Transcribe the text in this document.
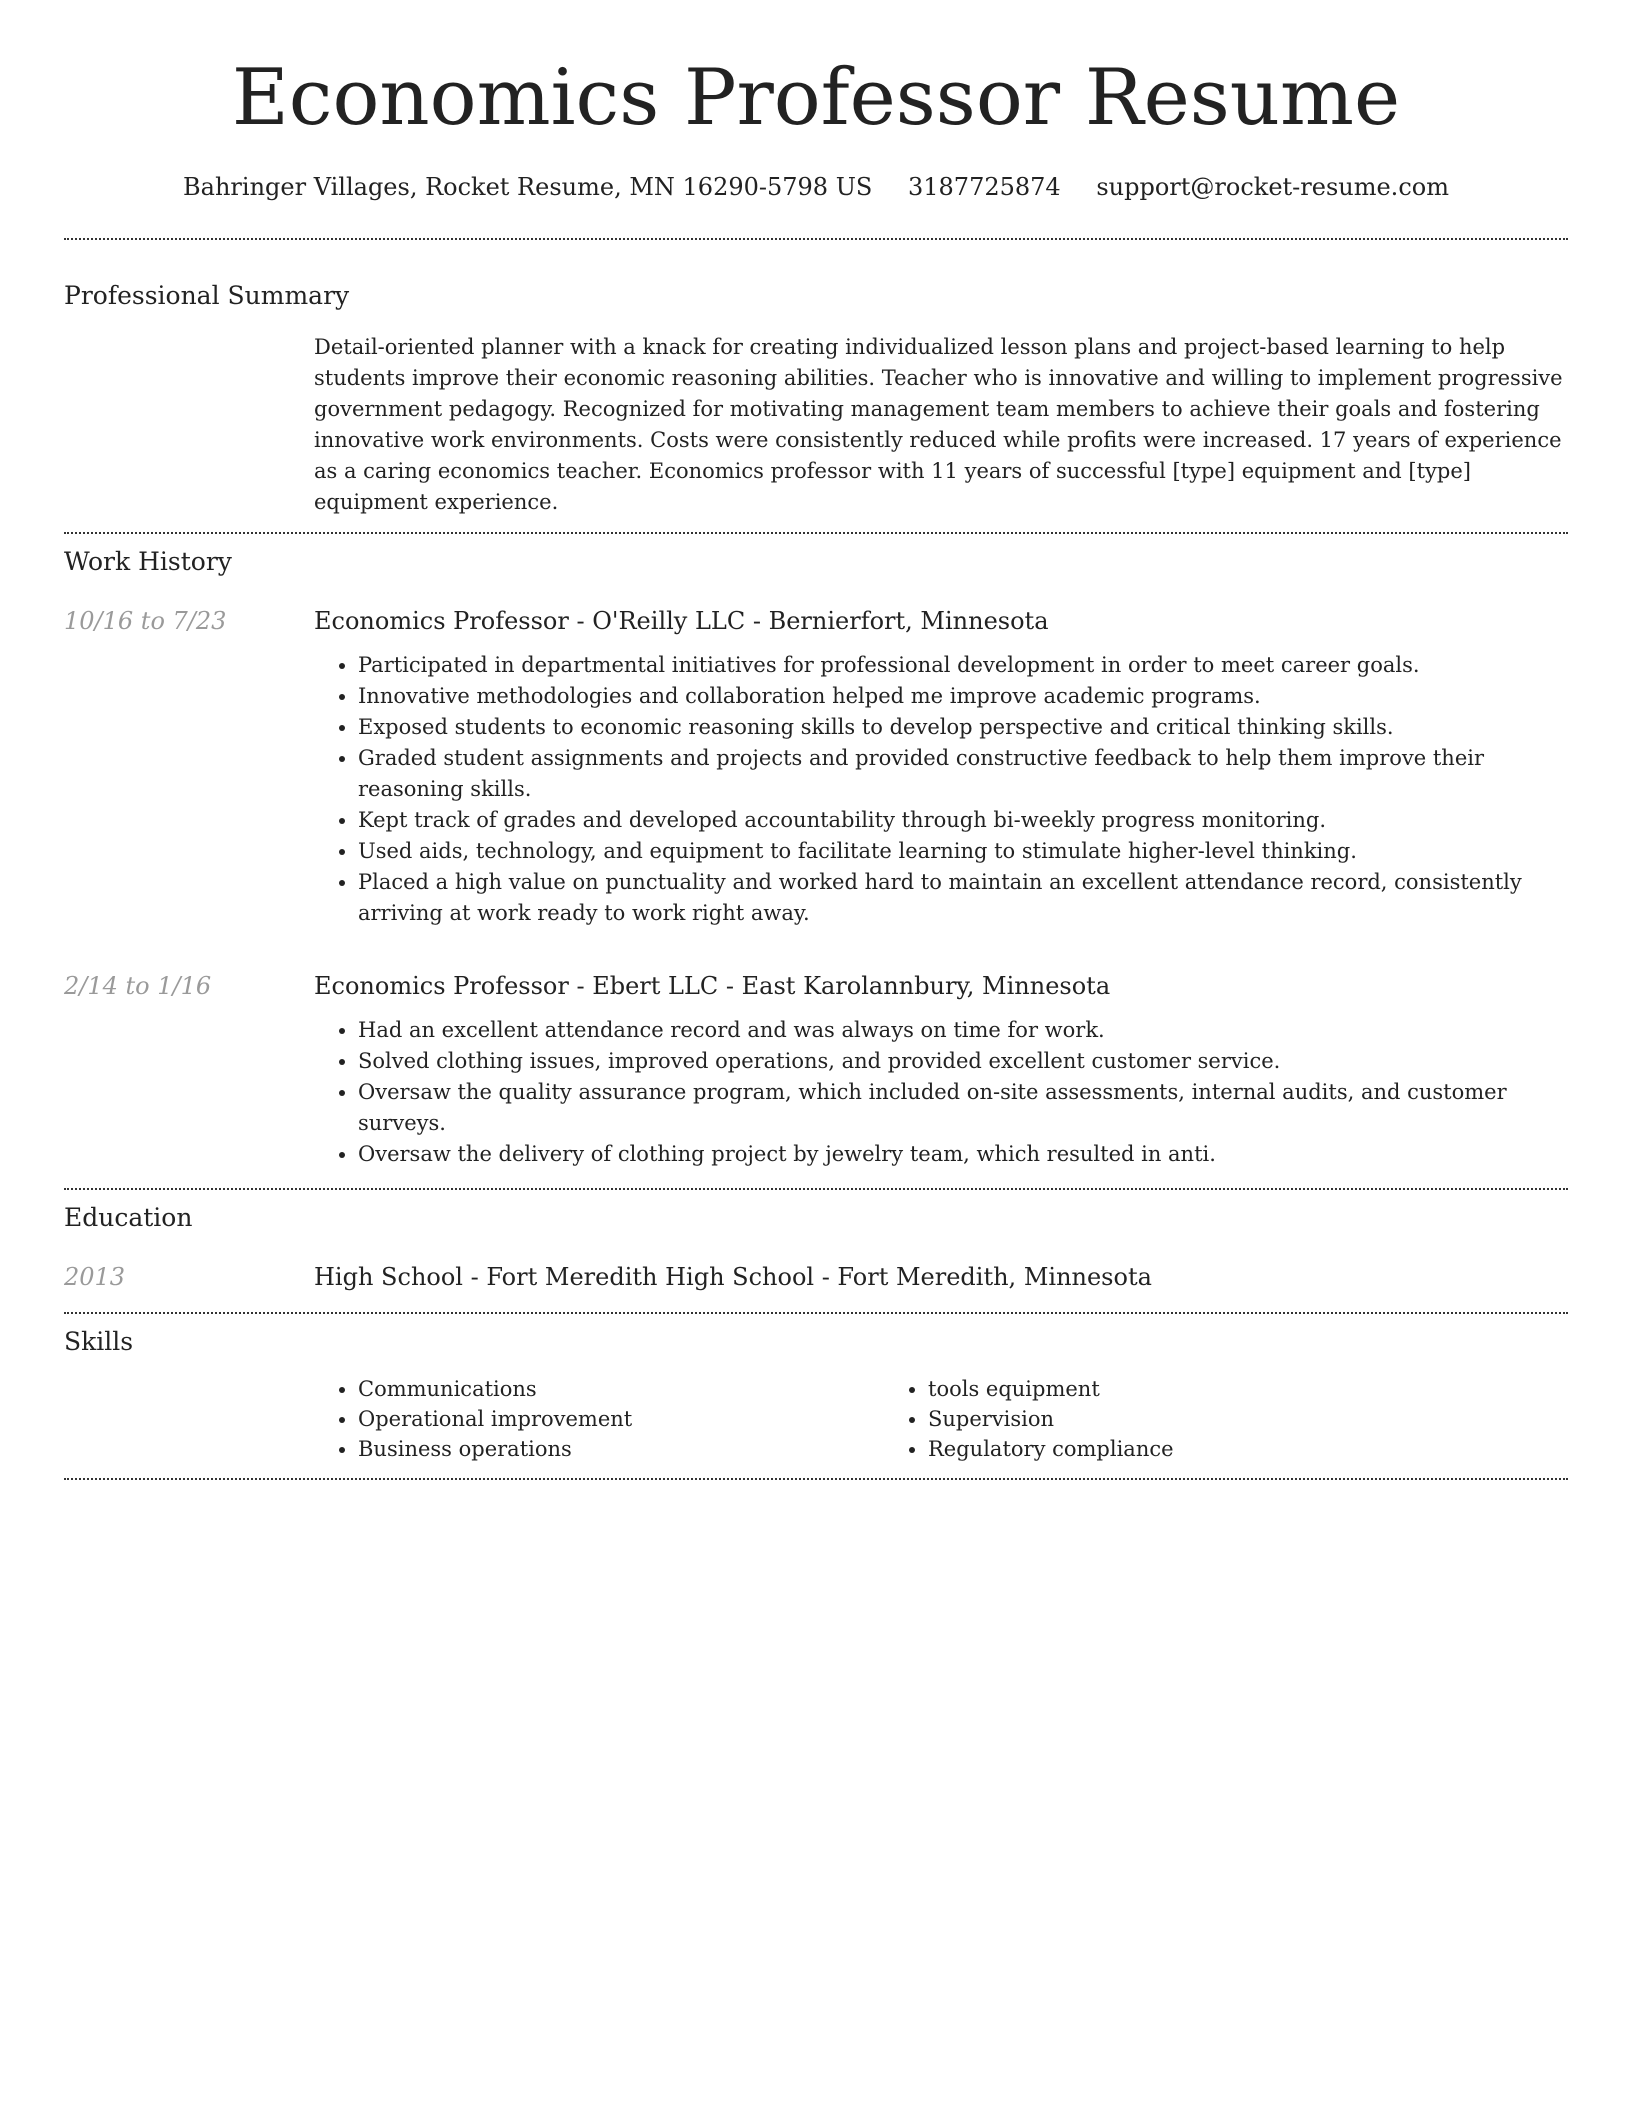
Economics Professor Resume
Bahringer Villages, Rocket Resume, MN 16290-5798 US 3187725874 support@rocket-resume.com
Professional Summary
Detail-oriented planner with a knack for creating individualized lesson plans and project-based learning to help students improve their economic reasoning abilities. Teacher who is innovative and willing to implement progressive government pedagogy. Recognized for motivating management team members to achieve their goals and fostering innovative work environments. Costs were consistently reduced while profits were increased. 17 years of experience as a caring economics teacher. Economics professor with 11 years of successful [type] equipment and [type] equipment experience.
Work History
10/16 to 7/23	Economics Professor - O'Reilly LLC - Bernierfort, Minnesota
• Participated in departmental initiatives for professional development in order to meet career goals.
• Innovative methodologies and collaboration helped me improve academic programs.
• Exposed students to economic reasoning skills to develop perspective and critical thinking skills.
• Graded student assignments and projects and provided constructive feedback to help them improve their reasoning skills.
• Kept track of grades and developed accountability through bi-weekly progress monitoring.
• Used aids, technology, and equipment to facilitate learning to stimulate higher-level thinking.
• Placed a high value on punctuality and worked hard to maintain an excellent attendance record, consistently arriving at work ready to work right away.
2/14 to 1/16	Economics Professor - Ebert LLC - East Karolannbury, Minnesota
• Had an excellent attendance record and was always on time for work.
• Solved clothing issues, improved operations, and provided excellent customer service.
• Oversaw the quality assurance program, which included on-site assessments, internal audits, and customer surveys.
• Oversaw the delivery of clothing project by jewelry team, which resulted in anti.
Education
2013	High School - Fort Meredith High School - Fort Meredith, Minnesota
Skills
• Communications
• Operational improvement
• Business operations
• tools equipment
• Supervision
• Regulatory compliance
